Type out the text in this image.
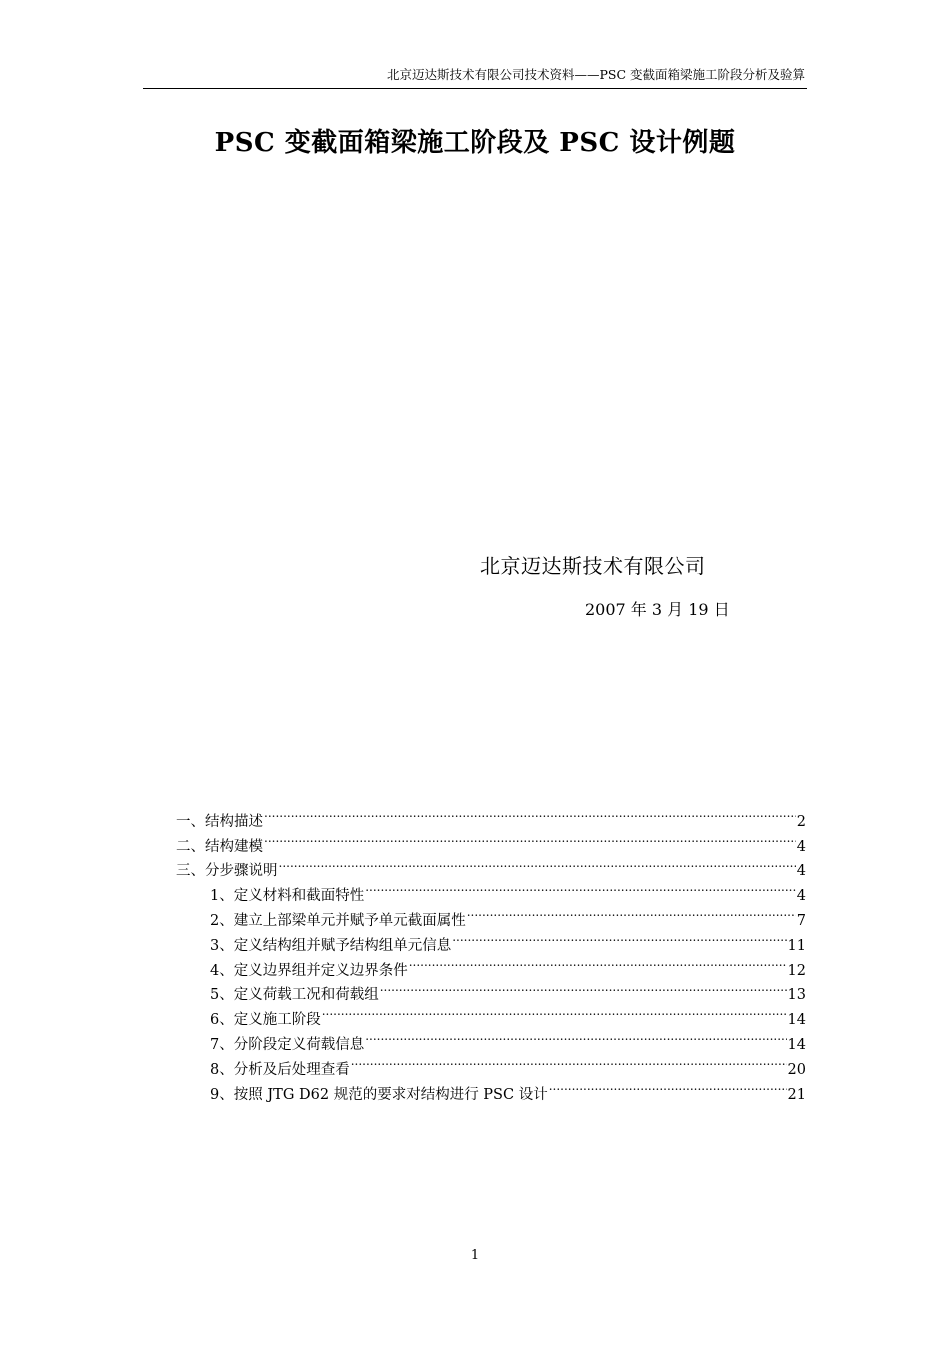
北京迈达斯技术有限公司技术资料——PSC 变截面箱梁施工阶段分析及验算
PSC 变截面箱梁施工阶段及 PSC 设计例题
北京迈达斯技术有限公司
2007 年 3 月 19 日
一、结构描述 .....	2
二、结构建模 .....	4
三、分步骤说明 .....	4
1、定义材料和截面特性 .....	4
2、建立上部梁单元并赋予单元截面属性 .....	7
3、定义结构组并赋予结构组单元信息 .....	11
4、定义边界组并定义边界条件 .....	12
5、定义荷载工况和荷载组 .....	13
6、定义施工阶段 .....	14
7、分阶段定义荷载信息 .....	14
8、分析及后处理查看 .....	20
9、按照 JTG D62 规范的要求对结构进行 PSC 设计 .....	21
1
